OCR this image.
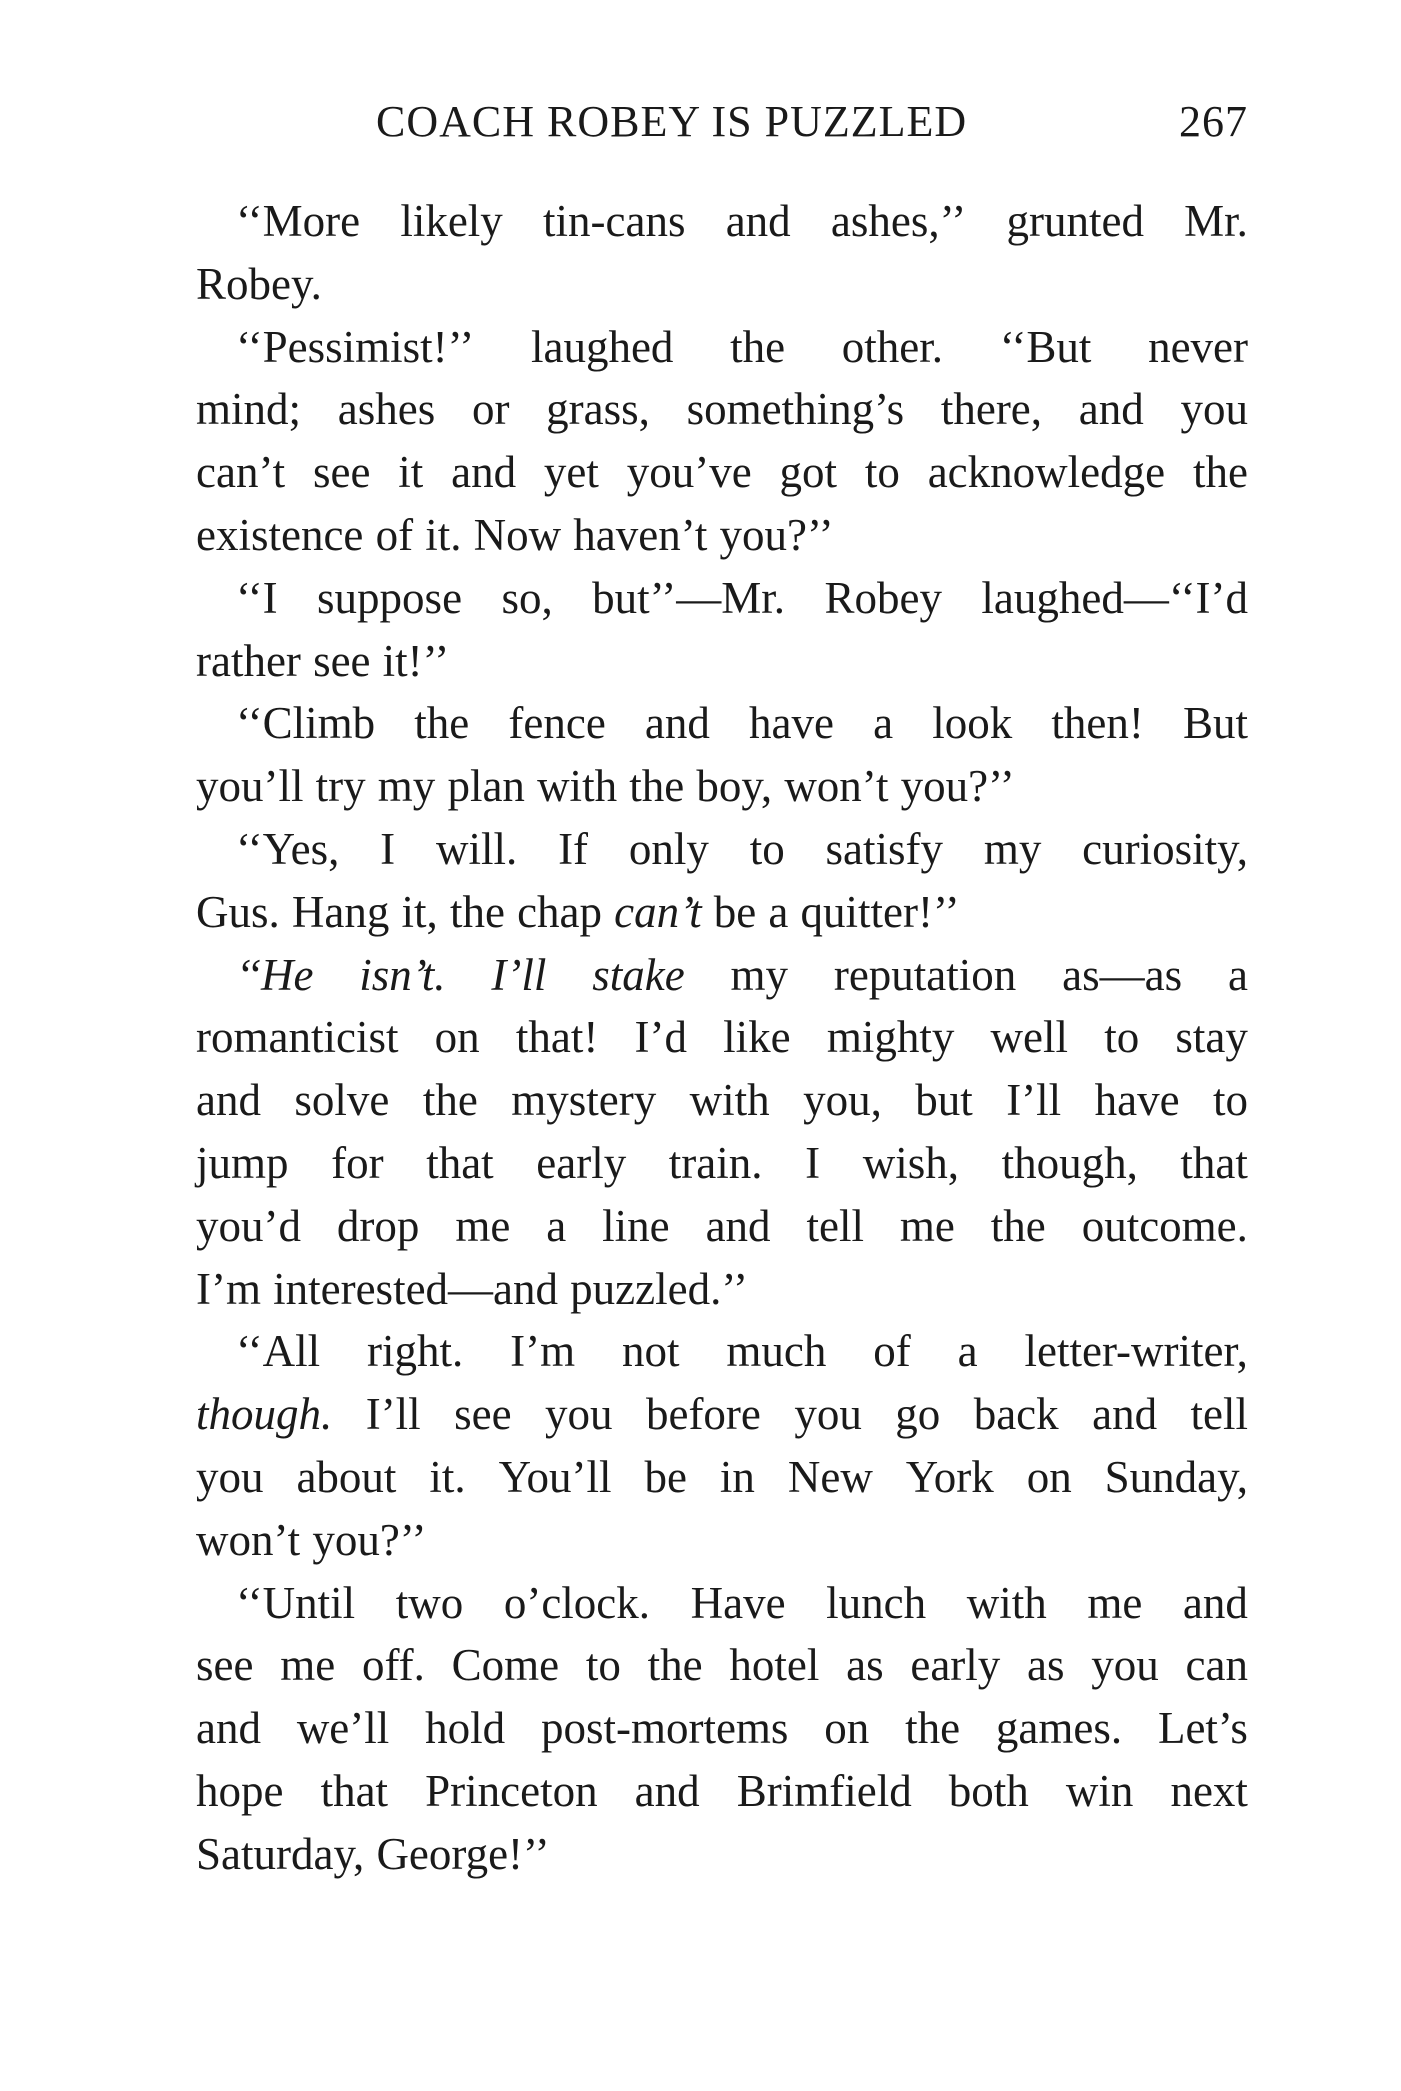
COACH ROBEY IS PUZZLED	267
‘‘More likely tin-cans and ashes,’’ grunted Mr.
Robey.
‘‘Pessimist!’’ laughed the other. ‘‘But never
mind; ashes or grass, something’s there, and you
can’t see it and yet you’ve got to acknowledge the
existence of it. Now haven’t you?’’
‘‘I suppose so, but’’—Mr. Robey laughed—‘‘I’d
rather see it!’’
‘‘Climb the fence and have a look then! But
you’ll try my plan with the boy, won’t you?’’
‘‘Yes, I will. If only to satisfy my curiosity,
Gus. Hang it, the chap can’t be a quitter!’’
‘‘He isn’t. I’ll stake my reputation as—as a
romanticist on that! I’d like mighty well to stay
and solve the mystery with you, but I’ll have to
jump for that early train. I wish, though, that
you’d drop me a line and tell me the outcome.
I’m interested—and puzzled.’’
‘‘All right. I’m not much of a letter-writer,
though. I’ll see you before you go back and tell
you about it. You’ll be in New York on Sunday,
won’t you?’’
‘‘Until two o’clock. Have lunch with me and
see me off. Come to the hotel as early as you can
and we’ll hold post-mortems on the games. Let’s
hope that Princeton and Brimfield both win next
Saturday, George!’’
